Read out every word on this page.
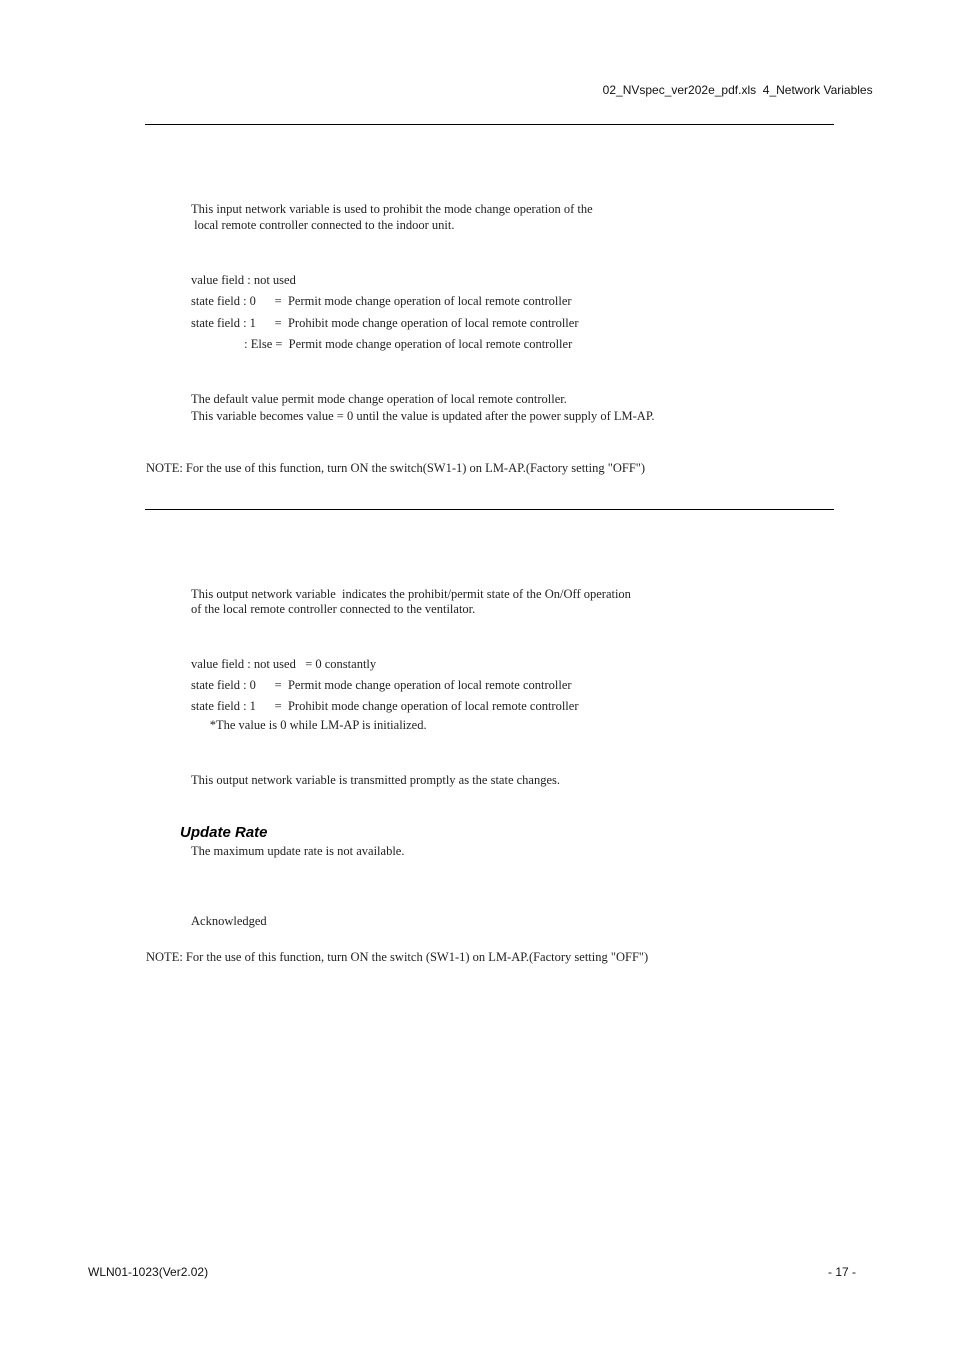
02_NVspec_ver202e_pdf.xls 4_Network Variables

This input network variable is used to prohibit the mode change operation of the
local remote controller connected to the indoor unit.
value field : not used
state field : 0      =  Permit mode change operation of local remote controller
state field : 1      =  Prohibit mode change operation of local remote controller
: Else =  Permit mode change operation of local remote controller
The default value permit mode change operation of local remote controller.
This variable becomes value = 0 until the value is updated after the power supply of LM-AP.
NOTE: For the use of this function, turn ON the switch(SW1-1) on LM-AP.(Factory setting "OFF")
This output network variable  indicates the prohibit/permit state of the On/Off operation
of the local remote controller connected to the ventilator.
value field : not used   = 0 constantly
state field : 0      =  Permit mode change operation of local remote controller
state field : 1      =  Prohibit mode change operation of local remote controller
*The value is 0 while LM-AP is initialized.
This output network variable is transmitted promptly as the state changes.
Update Rate
The maximum update rate is not available.
Acknowledged
NOTE: For the use of this function, turn ON the switch (SW1-1) on LM-AP.(Factory setting "OFF")
WLN01-1023(Ver2.02)	- 17 -
